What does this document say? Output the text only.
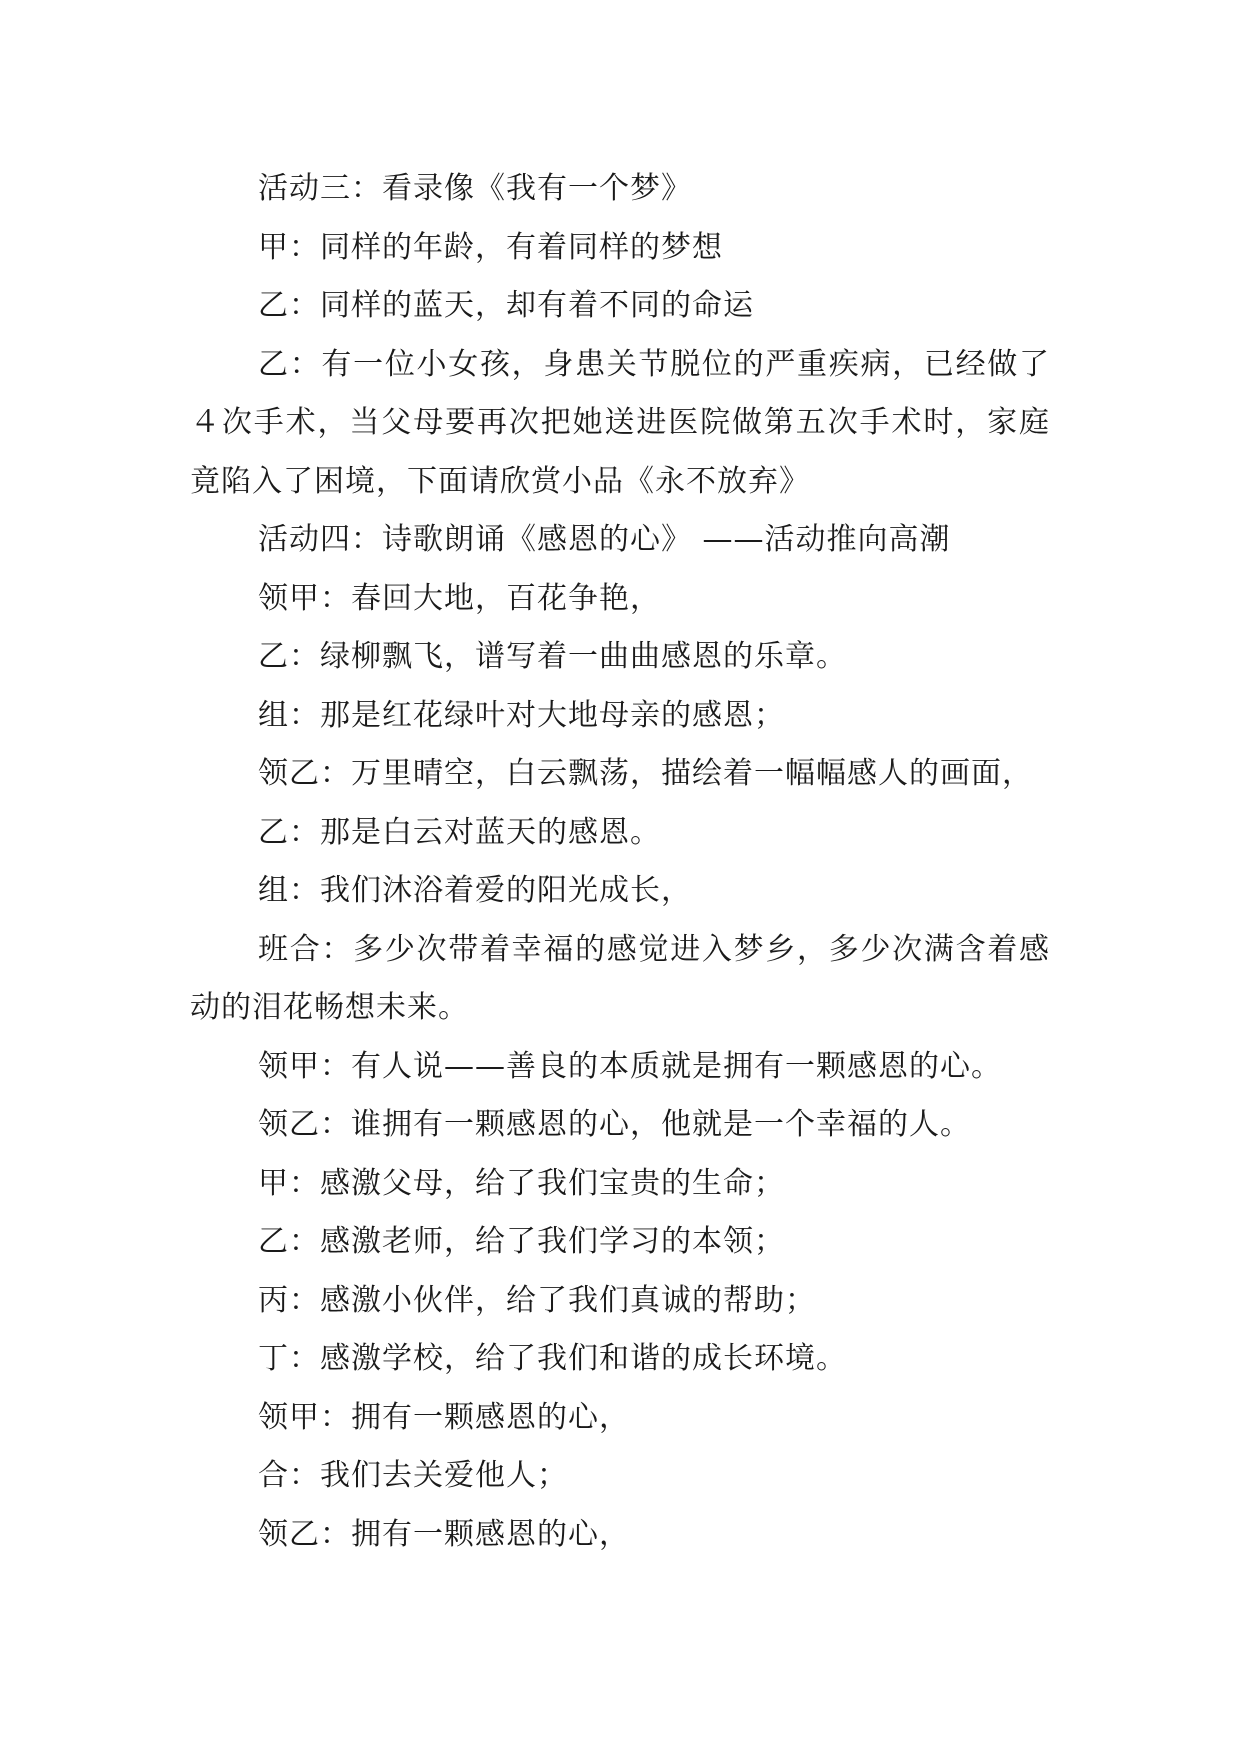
活动三：看录像《我有一个梦》

甲：同样的年龄，有着同样的梦想

乙：同样的蓝天，却有着不同的命运

乙：有一位小女孩，身患关节脱位的严重疾病，已经做了４次手术，当父母要再次把她送进医院做第五次手术时，家庭竟陷入了困境，下面请欣赏小品《永不放弃》

活动四：诗歌朗诵《感恩的心》 ——活动推向高潮

领甲：春回大地，百花争艳，

乙：绿柳飘飞，谱写着一曲曲感恩的乐章。

组：那是红花绿叶对大地母亲的感恩；

领乙：万里晴空，白云飘荡，描绘着一幅幅感人的画面，

乙：那是白云对蓝天的感恩。

组：我们沐浴着爱的阳光成长，

班合：多少次带着幸福的感觉进入梦乡，多少次满含着感动的泪花畅想未来。

领甲：有人说——善良的本质就是拥有一颗感恩的心。

领乙：谁拥有一颗感恩的心，他就是一个幸福的人。

甲：感激父母，给了我们宝贵的生命；

乙：感激老师，给了我们学习的本领；

丙：感激小伙伴，给了我们真诚的帮助；

丁：感激学校，给了我们和谐的成长环境。

领甲：拥有一颗感恩的心，

合：我们去关爱他人；

领乙：拥有一颗感恩的心，
